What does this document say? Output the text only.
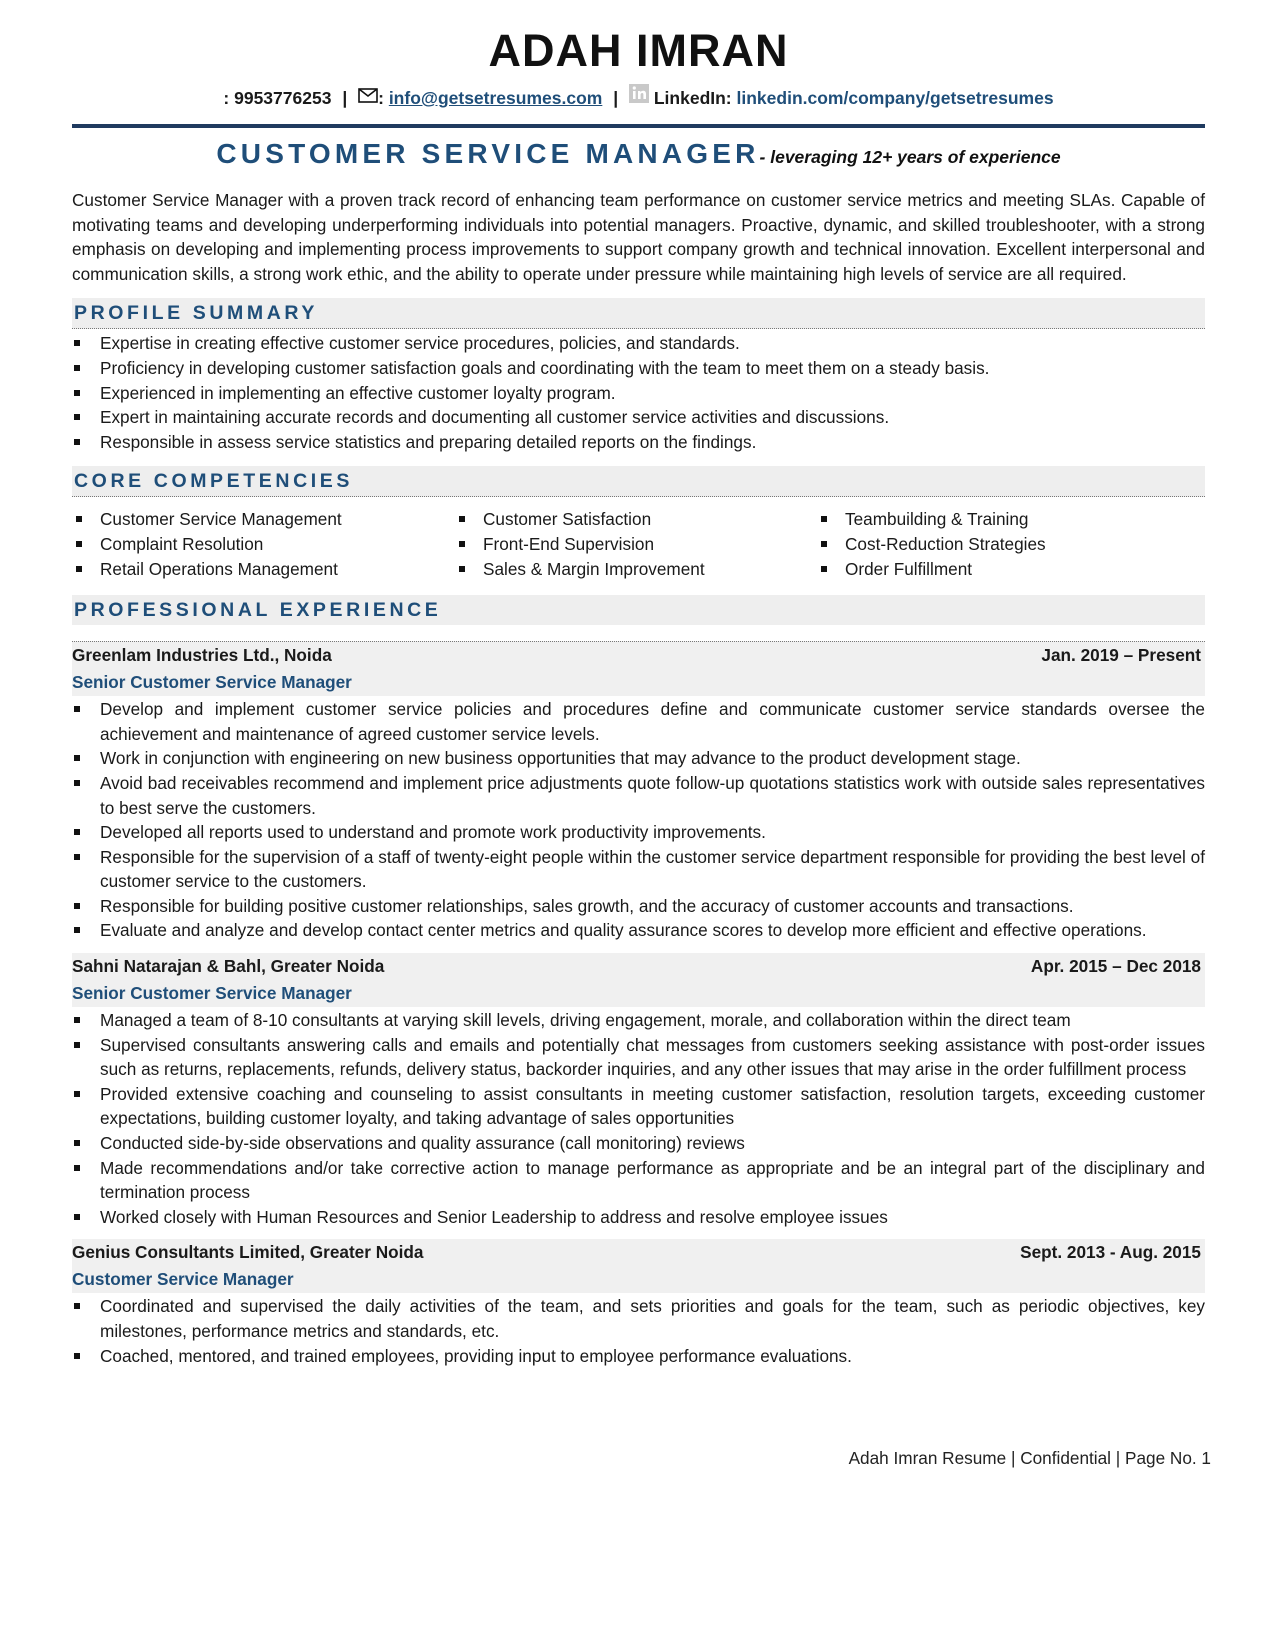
ADAH IMRAN
: 9953776253 | : info@getsetresumes.com | LinkedIn: linkedin.com/company/getsetresumes
CUSTOMER SERVICE MANAGER- leveraging 12+ years of experience
Customer Service Manager with a proven track record of enhancing team performance on customer service metrics and meeting SLAs. Capable of motivating teams and developing underperforming individuals into potential managers. Proactive, dynamic, and skilled troubleshooter, with a strong emphasis on developing and implementing process improvements to support company growth and technical innovation. Excellent interpersonal and communication skills, a strong work ethic, and the ability to operate under pressure while maintaining high levels of service are all required.
PROFILE SUMMARY
Expertise in creating effective customer service procedures, policies, and standards.
Proficiency in developing customer satisfaction goals and coordinating with the team to meet them on a steady basis.
Experienced in implementing an effective customer loyalty program.
Expert in maintaining accurate records and documenting all customer service activities and discussions.
Responsible in assess service statistics and preparing detailed reports on the findings.
CORE COMPETENCIES
Customer Service Management
Complaint Resolution
Retail Operations Management
Customer Satisfaction
Front-End Supervision
Sales & Margin Improvement
Teambuilding & Training
Cost-Reduction Strategies
Order Fulfillment
PROFESSIONAL EXPERIENCE
Greenlam Industries Ltd., Noida	Jan. 2019 – Present
Senior Customer Service Manager
Develop and implement customer service policies and procedures define and communicate customer service standards oversee the achievement and maintenance of agreed customer service levels.
Work in conjunction with engineering on new business opportunities that may advance to the product development stage.
Avoid bad receivables recommend and implement price adjustments quote follow-up quotations statistics work with outside sales representatives to best serve the customers.
Developed all reports used to understand and promote work productivity improvements.
Responsible for the supervision of a staff of twenty-eight people within the customer service department responsible for providing the best level of customer service to the customers.
Responsible for building positive customer relationships, sales growth, and the accuracy of customer accounts and transactions.
Evaluate and analyze and develop contact center metrics and quality assurance scores to develop more efficient and effective operations.
Sahni Natarajan & Bahl, Greater Noida	Apr. 2015 – Dec 2018
Senior Customer Service Manager
Managed a team of 8-10 consultants at varying skill levels, driving engagement, morale, and collaboration within the direct team
Supervised consultants answering calls and emails and potentially chat messages from customers seeking assistance with post-order issues such as returns, replacements, refunds, delivery status, backorder inquiries, and any other issues that may arise in the order fulfillment process
Provided extensive coaching and counseling to assist consultants in meeting customer satisfaction, resolution targets, exceeding customer expectations, building customer loyalty, and taking advantage of sales opportunities
Conducted side-by-side observations and quality assurance (call monitoring) reviews
Made recommendations and/or take corrective action to manage performance as appropriate and be an integral part of the disciplinary and termination process
Worked closely with Human Resources and Senior Leadership to address and resolve employee issues
Genius Consultants Limited, Greater Noida	Sept. 2013 - Aug. 2015
Customer Service Manager
Coordinated and supervised the daily activities of the team, and sets priorities and goals for the team, such as periodic objectives, key milestones, performance metrics and standards, etc.
Coached, mentored, and trained employees, providing input to employee performance evaluations.
Adah Imran Resume | Confidential | Page No. 1
